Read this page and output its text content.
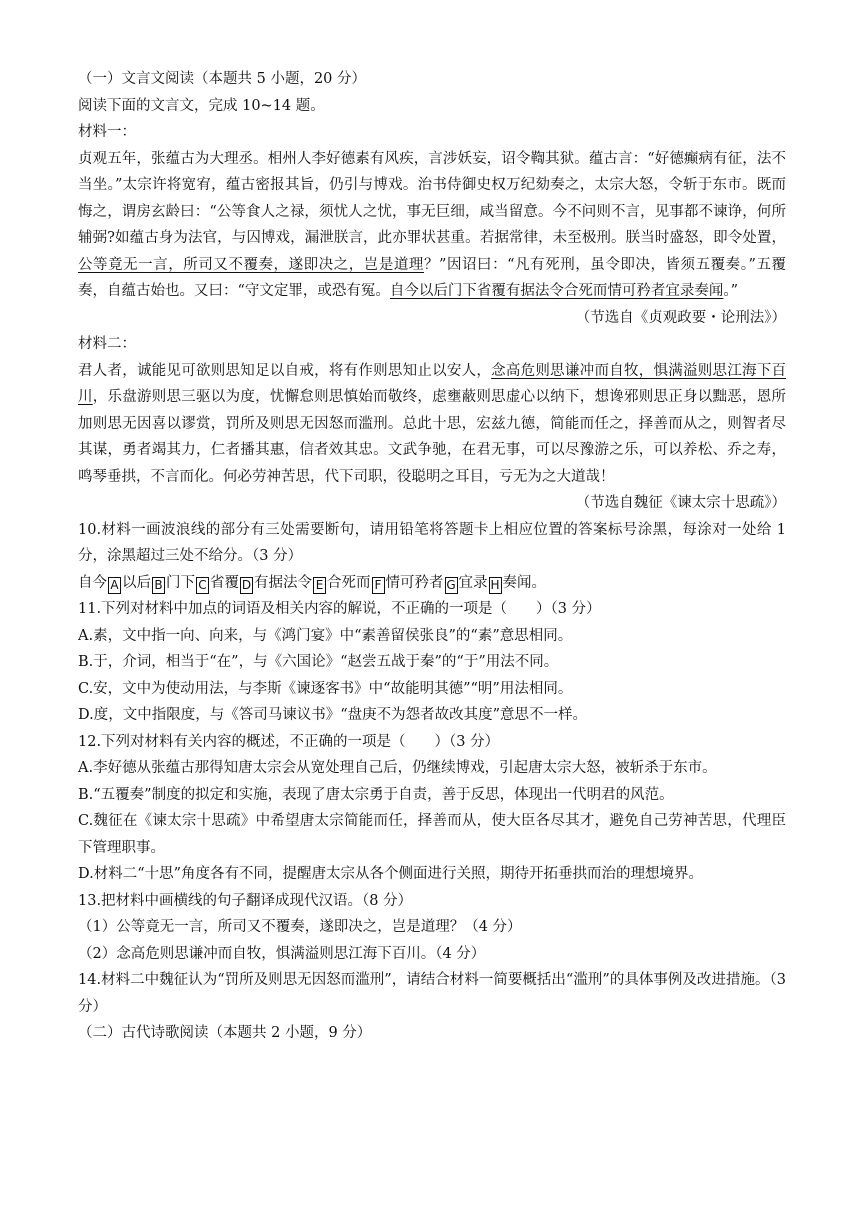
（一）文言文阅读（本题共 5 小题，20 分）

阅读下面的文言文，完成 10~14 题。

材料一：

贞观五年，张蕴古为大理丞。相州人李好德素有风疾，言涉妖妄，诏令鞫其狱。蕴古言：“好德癫病有征，法不当坐。”太宗许将宽宥，蕴古密报其旨，仍引与博戏。治书侍御史权万纪劾奏之，太宗大怒，令斩于东市。既而悔之，谓房玄龄曰：“公等食人之禄，须忧人之忧，事无巨细，咸当留意。今不问则不言，见事都不谏诤，何所辅弼?如蕴古身为法官，与囚博戏，漏泄朕言，此亦罪状甚重。若据常律，未至极刑。朕当时盛怒，即令处置，公等竟无一言，所司又不覆奏，遂即决之，岂是道理？”因诏曰：“凡有死刑，虽令即决，皆须五覆奏。”五覆奏，自蕴古始也。又曰：“守文定罪，或恐有冤。自今以后门下省覆有据法令合死而情可矜者宜录奏闻。”

（节选自《贞观政要・论刑法》）

材料二：

君人者，诚能见可欲则思知足以自戒，将有作则思知止以安人，念高危则思谦冲而自牧，惧满溢则思江海下百川，乐盘游则思三驱以为度，忧懈怠则思慎始而敬终，虑壅蔽则思虚心以纳下，想谗邪则思正身以黜恶，恩所加则思无因喜以谬赏，罚所及则思无因怒而滥刑。总此十思，宏兹九德，简能而任之，择善而从之，则智者尽其谋，勇者竭其力，仁者播其惠，信者效其忠。文武争驰，在君无事，可以尽豫游之乐，可以养松、乔之寿，鸣琴垂拱，不言而化。何必劳神苦思，代下司职，役聪明之耳目，亏无为之大道哉！

（节选自魏征《谏太宗十思疏》）

10.材料一画波浪线的部分有三处需要断句，请用铅笔将答题卡上相应位置的答案标号涂黑，每涂对一处给 1 分，涂黑超过三处不给分。（3 分）

自今 A 以后 B 门下 C 省覆 D 有据法令 E 合死而 F 情可矜者 G 宜录 H 奏闻。

11.下列对材料中加点的词语及相关内容的解说，不正确的一项是（　　）（3 分）

A.素，文中指一向、向来，与《鸿门宴》中“素善留侯张良”的“素”意思相同。

B.于，介词，相当于“在”，与《六国论》“赵尝五战于秦”的“于”用法不同。

C.安，文中为使动用法，与李斯《谏逐客书》中“故能明其德”“明”用法相同。

D.度，文中指限度，与《答司马谏议书》“盘庚不为怨者故改其度”意思不一样。

12.下列对材料有关内容的概述，不正确的一项是（　　）（3 分）

A.李好德从张蕴古那得知唐太宗会从宽处理自己后，仍继续博戏，引起唐太宗大怒，被斩杀于东市。

B.“五覆奏”制度的拟定和实施，表现了唐太宗勇于自责，善于反思，体现出一代明君的风范。

C.魏征在《谏太宗十思疏》中希望唐太宗简能而任，择善而从，使大臣各尽其才，避免自己劳神苦思，代理臣下管理职事。

D.材料二“十思”角度各有不同，提醒唐太宗从各个侧面进行关照，期待开拓垂拱而治的理想境界。

13.把材料中画横线的句子翻译成现代汉语。（8 分）

（1）公等竟无一言，所司又不覆奏，遂即决之，岂是道理？（4 分）

（2）念高危则思谦冲而自牧，惧满溢则思江海下百川。（4 分）

14.材料二中魏征认为“罚所及则思无因怒而滥刑”，请结合材料一简要概括出“滥刑”的具体事例及改进措施。（3 分）

（二）古代诗歌阅读（本题共 2 小题，9 分）
